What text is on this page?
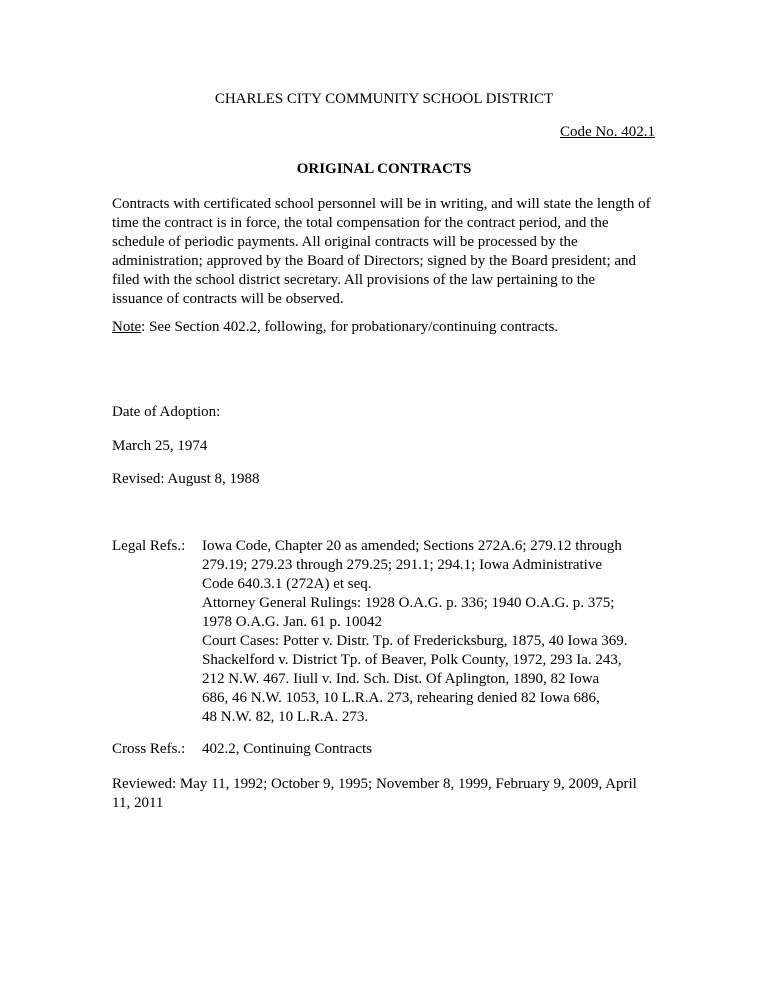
CHARLES CITY COMMUNITY SCHOOL DISTRICT

Code No. 402.1

ORIGINAL CONTRACTS

Contracts with certificated school personnel will be in writing, and will state the length of
time the contract is in force, the total compensation for the contract period, and the
schedule of periodic payments. All original contracts will be processed by the
administration; approved by the Board of Directors; signed by the Board president; and
filed with the school district secretary. All provisions of the law pertaining to the
issuance of contracts will be observed.

Note: See Section 402.2, following, for probationary/continuing contracts.

Date of Adoption:

March 25, 1974

Revised: August 8, 1988

Legal Refs.:	Iowa Code, Chapter 20 as amended; Sections 272A.6; 279.12 through
279.19; 279.23 through 279.25; 291.1; 294.1; Iowa Administrative
Code 640.3.1 (272A) et seq.
Attorney General Rulings: 1928 O.A.G. p. 336; 1940 O.A.G. p. 375;
1978 O.A.G. Jan. 61 p. 10042
Court Cases: Potter v. Distr. Tp. of Fredericksburg, 1875, 40 Iowa 369.
Shackelford v. District Tp. of Beaver, Polk County, 1972, 293 Ia. 243,
212 N.W. 467. Iiull v. Ind. Sch. Dist. Of Aplington, 1890, 82 Iowa
686, 46 N.W. 1053, 10 L.R.A. 273, rehearing denied 82 Iowa 686,
48 N.W. 82, 10 L.R.A. 273.
Cross Refs.:	402.2, Continuing Contracts
Reviewed: May 11, 1992; October 9, 1995; November 8, 1999, February 9, 2009, April
11, 2011
